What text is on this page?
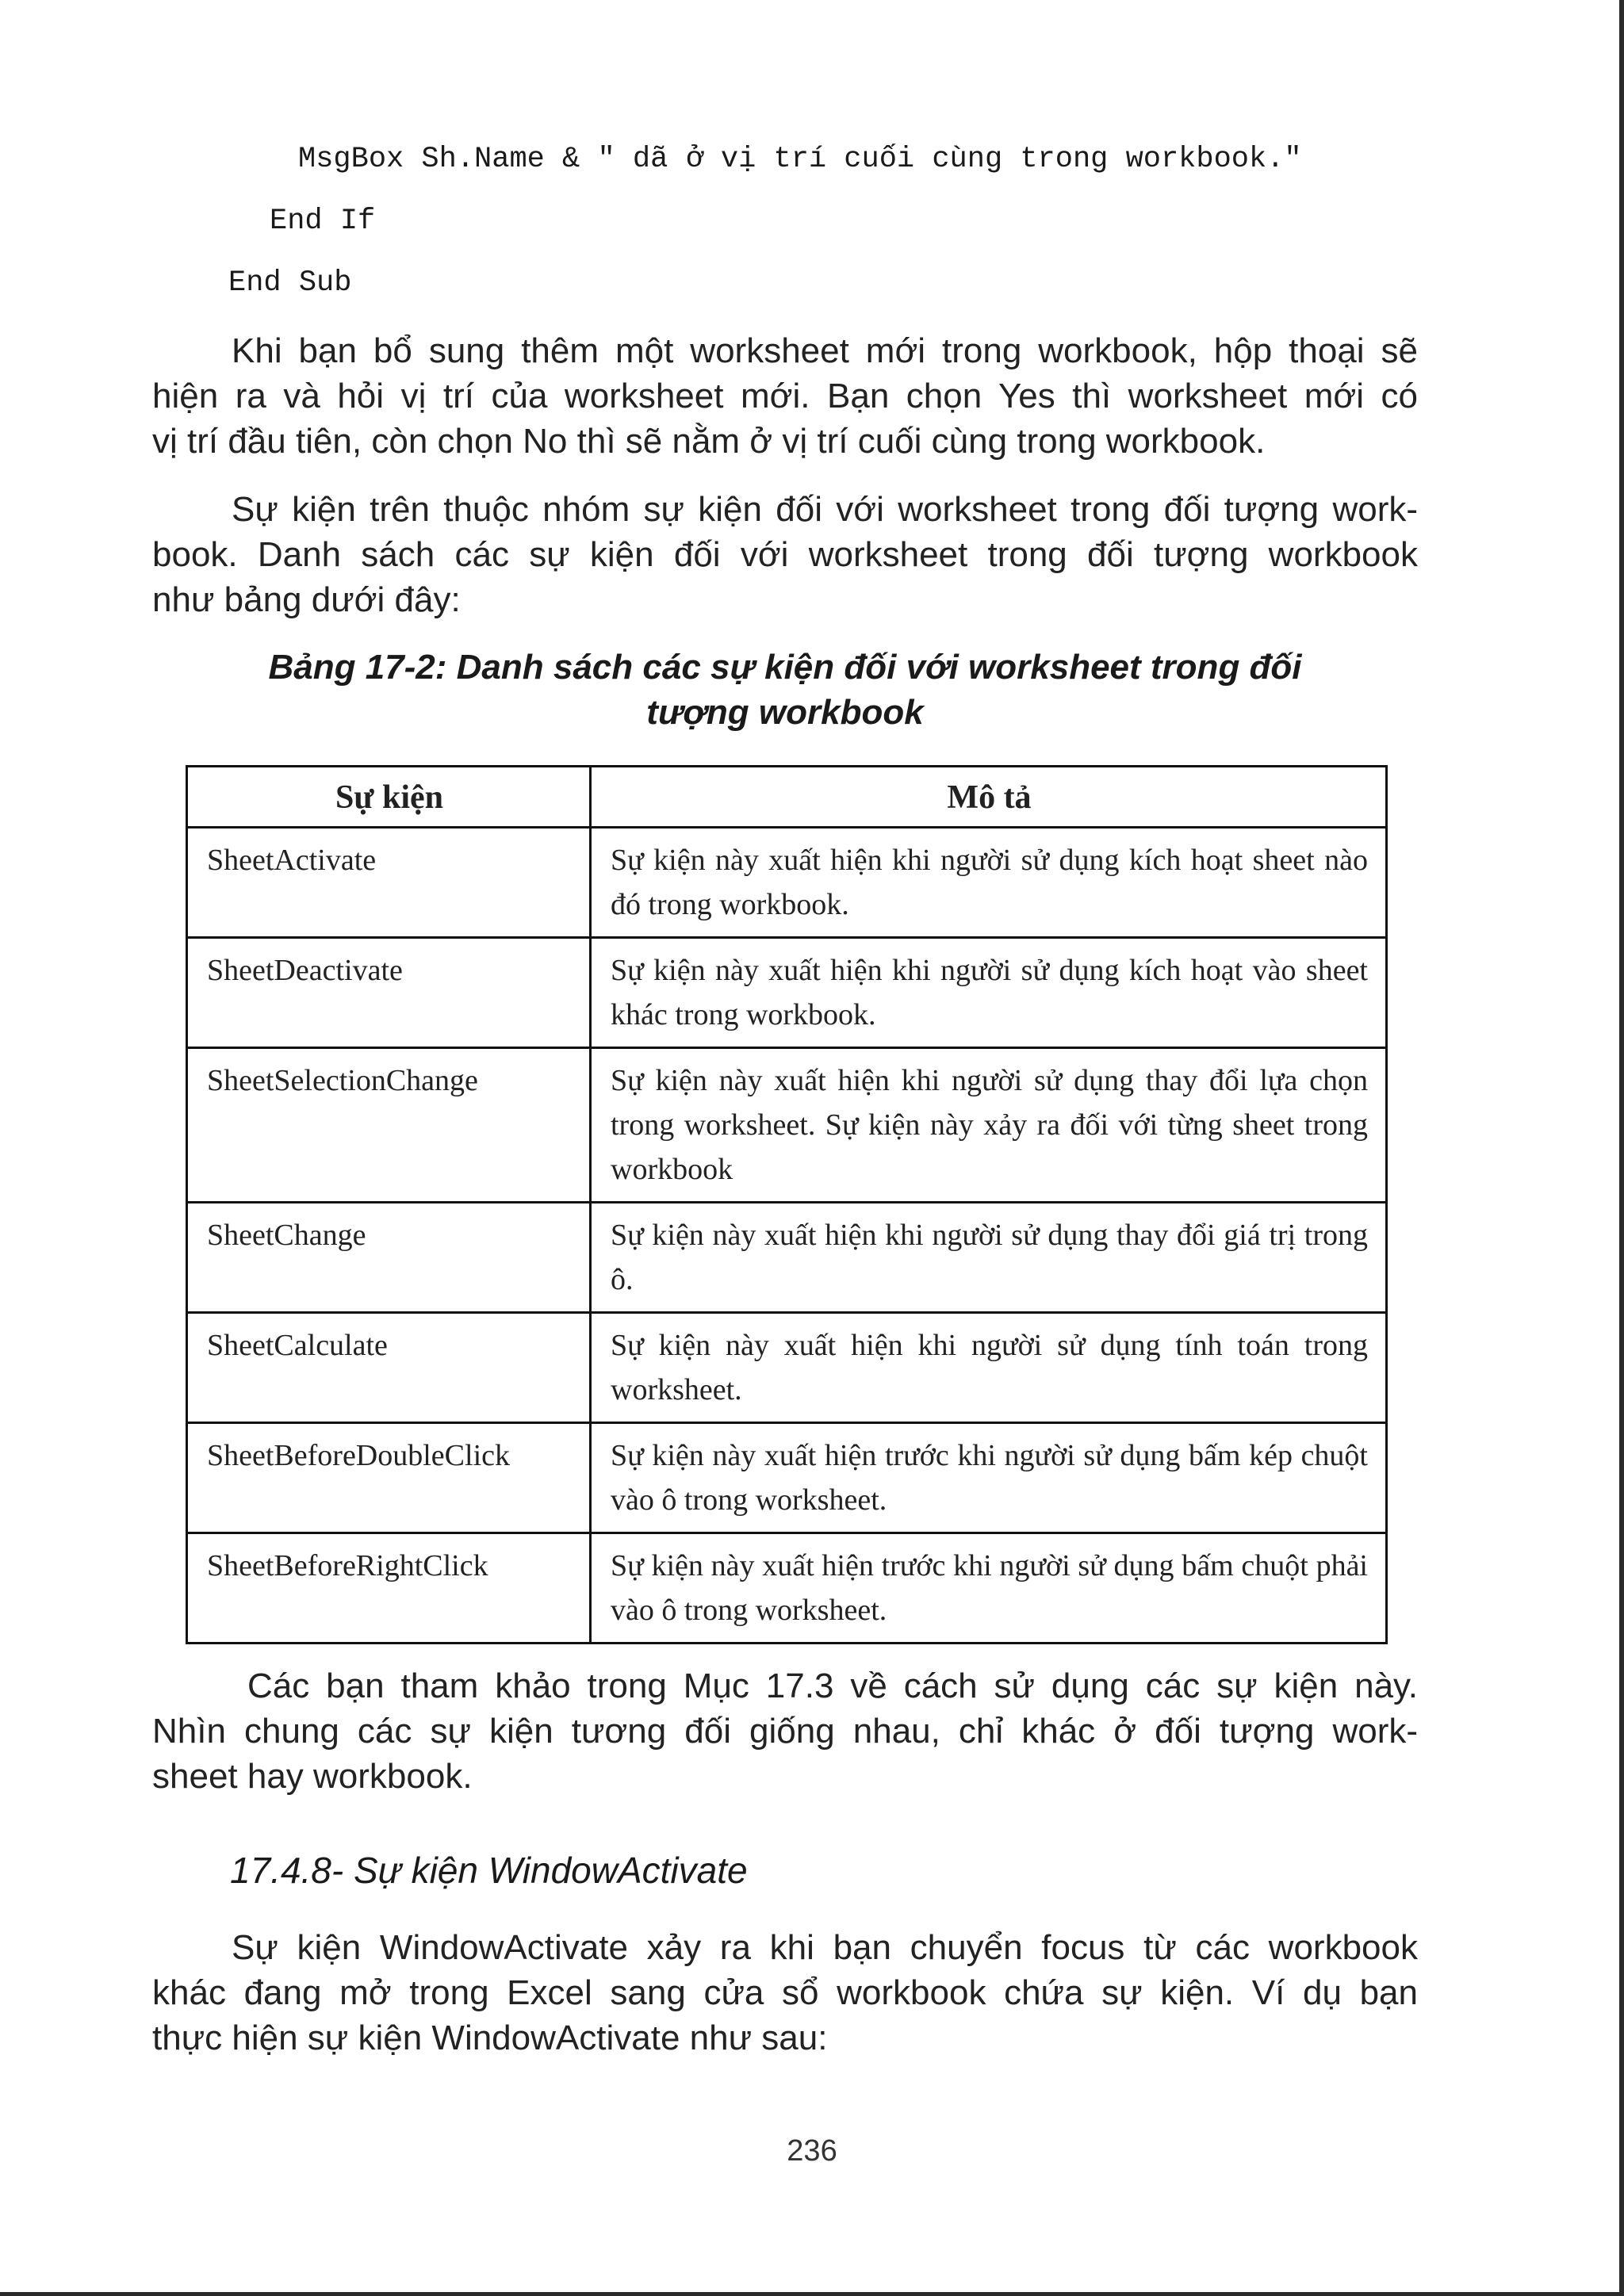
MsgBox Sh.Name & " dã ở vị trí cuối cùng trong workbook."
End If
End Sub
Khi bạn bổ sung thêm một worksheet mới trong workbook, hộp thoại sẽ
hiện ra và hỏi vị trí của worksheet mới. Bạn chọn Yes thì worksheet mới có
vị trí đầu tiên, còn chọn No thì sẽ nằm ở vị trí cuối cùng trong workbook.
Sự kiện trên thuộc nhóm sự kiện đối với worksheet trong đối tượng work-
book. Danh sách các sự kiện đối với worksheet trong đối tượng workbook
như bảng dưới đây:
Bảng 17-2: Danh sách các sự kiện đối với worksheet trong đối
tượng workbook
Sự kiện	Mô tả
SheetActivate	Sự kiện này xuất hiện khi người sử dụng kích hoạt sheet nào đó trong workbook.
SheetDeactivate	Sự kiện này xuất hiện khi người sử dụng kích hoạt vào sheet khác trong workbook.
SheetSelectionChange	Sự kiện này xuất hiện khi người sử dụng thay đổi lựa chọn trong worksheet. Sự kiện này xảy ra đối với từng sheet trong workbook
SheetChange	Sự kiện này xuất hiện khi người sử dụng thay đổi giá trị trong ô.
SheetCalculate	Sự kiện này xuất hiện khi người sử dụng tính toán trong worksheet.
SheetBeforeDoubleClick	Sự kiện này xuất hiện trước khi người sử dụng bấm kép chuột vào ô trong worksheet.
SheetBeforeRightClick	Sự kiện này xuất hiện trước khi người sử dụng bấm chuột phải vào ô trong worksheet.
Các bạn tham khảo trong Mục 17.3 về cách sử dụng các sự kiện này.
Nhìn chung các sự kiện tương đối giống nhau, chỉ khác ở đối tượng work-
sheet hay workbook.
17.4.8- Sự kiện WindowActivate
Sự kiện WindowActivate xảy ra khi bạn chuyển focus từ các workbook
khác đang mở trong Excel sang cửa sổ workbook chứa sự kiện. Ví dụ bạn
thực hiện sự kiện WindowActivate như sau:
236
